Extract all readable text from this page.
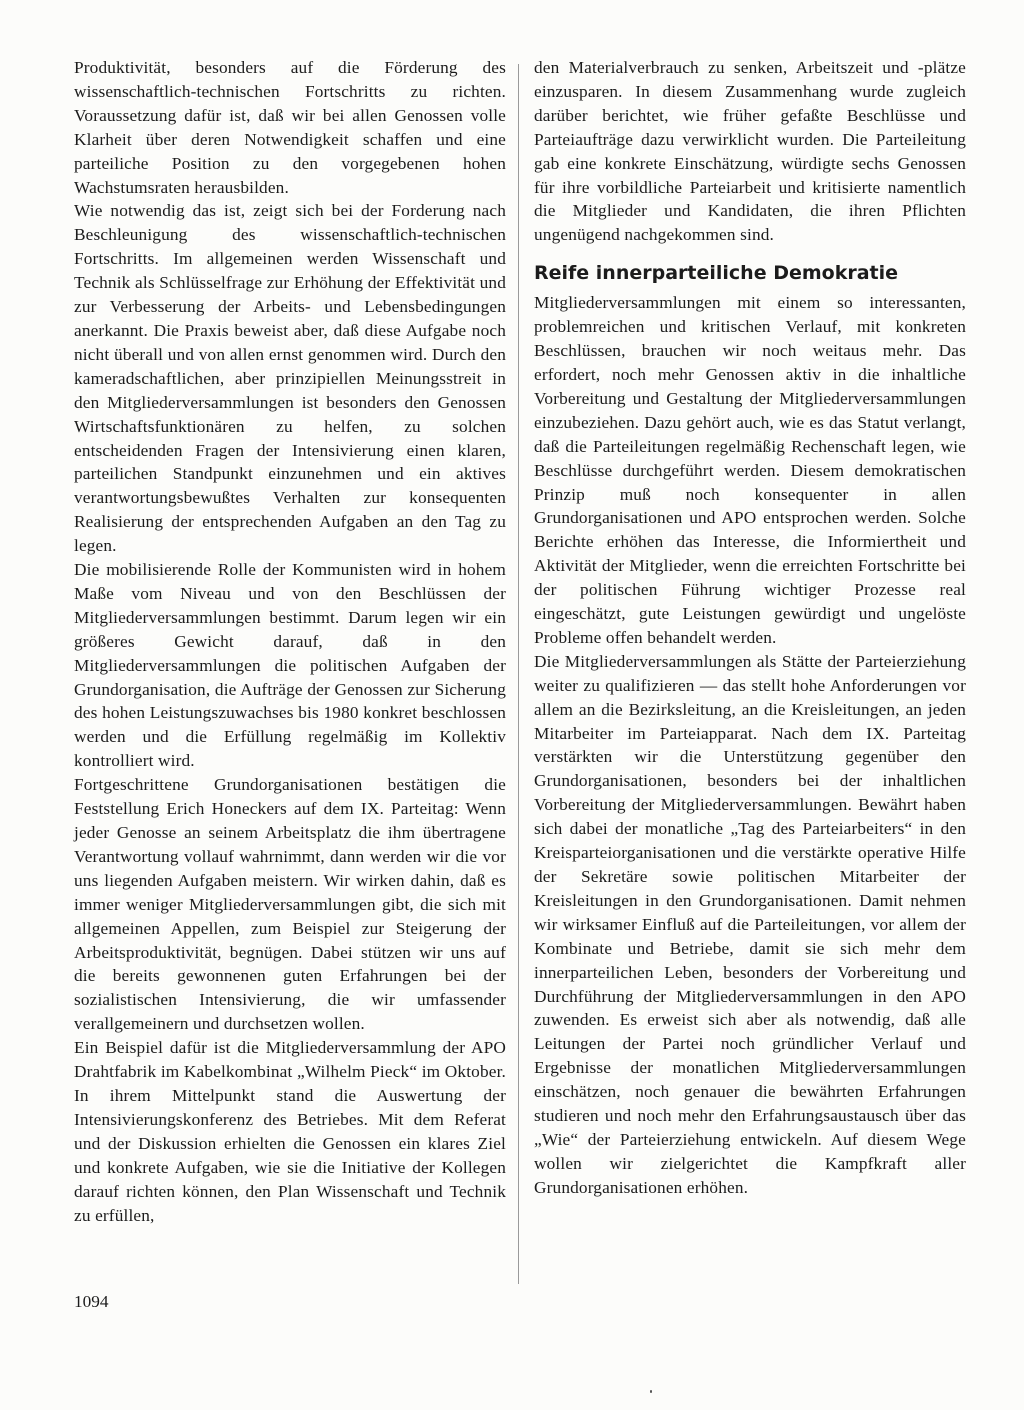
Produktivität, besonders auf die Förderung des wissenschaftlich-technischen Fortschritts zu richten. Voraussetzung dafür ist, daß wir bei allen Genossen volle Klarheit über deren Notwendigkeit schaffen und eine parteiliche Position zu den vorgegebenen hohen Wachstumsraten herausbilden.

Wie notwendig das ist, zeigt sich bei der Forderung nach Beschleunigung des wissenschaftlich-technischen Fortschritts. Im allgemeinen werden Wissenschaft und Technik als Schlüsselfrage zur Erhöhung der Effektivität und zur Verbesserung der Arbeits- und Lebensbedingungen anerkannt. Die Praxis beweist aber, daß diese Aufgabe noch nicht überall und von allen ernst genommen wird. Durch den kameradschaftlichen, aber prinzipiellen Meinungsstreit in den Mitgliederversammlungen ist besonders den Genossen Wirtschaftsfunktionären zu helfen, zu solchen entscheidenden Fragen der Intensivierung einen klaren, parteilichen Standpunkt einzunehmen und ein aktives verantwortungsbewußtes Verhalten zur konsequenten Realisierung der entsprechenden Aufgaben an den Tag zu legen.

Die mobilisierende Rolle der Kommunisten wird in hohem Maße vom Niveau und von den Beschlüssen der Mitgliederversammlungen bestimmt. Darum legen wir ein größeres Gewicht darauf, daß in den Mitgliederversammlungen die politischen Aufgaben der Grundorganisation, die Aufträge der Genossen zur Sicherung des hohen Leistungszuwachses bis 1980 konkret beschlossen werden und die Erfüllung regelmäßig im Kollektiv kontrolliert wird.

Fortgeschrittene Grundorganisationen bestätigen die Feststellung Erich Honeckers auf dem IX. Parteitag: Wenn jeder Genosse an seinem Arbeitsplatz die ihm übertragene Verantwortung vollauf wahrnimmt, dann werden wir die vor uns liegenden Aufgaben meistern. Wir wirken dahin, daß es immer weniger Mitgliederversammlungen gibt, die sich mit allgemeinen Appellen, zum Beispiel zur Steigerung der Arbeitsproduktivität, begnügen. Dabei stützen wir uns auf die bereits gewonnenen guten Erfahrungen bei der sozialistischen Intensivierung, die wir umfassender verallgemeinern und durchsetzen wollen.

Ein Beispiel dafür ist die Mitgliederversammlung der APO Drahtfabrik im Kabelkombinat „Wilhelm Pieck“ im Oktober. In ihrem Mittelpunkt stand die Auswertung der Intensivierungskonferenz des Betriebes. Mit dem Referat und der Diskussion erhielten die Genossen ein klares Ziel und konkrete Aufgaben, wie sie die Initiative der Kollegen darauf richten können, den Plan Wissenschaft und Technik zu erfüllen,

den Materialverbrauch zu senken, Arbeitszeit und -plätze einzusparen. In diesem Zusammenhang wurde zugleich darüber berichtet, wie früher gefaßte Beschlüsse und Parteiaufträge dazu verwirklicht wurden. Die Parteileitung gab eine konkrete Einschätzung, würdigte sechs Genossen für ihre vorbildliche Parteiarbeit und kritisierte namentlich die Mitglieder und Kandidaten, die ihren Pflichten ungenügend nachgekommen sind.

Reife innerparteiliche Demokratie

Mitgliederversammlungen mit einem so interessanten, problemreichen und kritischen Verlauf, mit konkreten Beschlüssen, brauchen wir noch weitaus mehr. Das erfordert, noch mehr Genossen aktiv in die inhaltliche Vorbereitung und Gestaltung der Mitgliederversammlungen einzubeziehen. Dazu gehört auch, wie es das Statut verlangt, daß die Parteileitungen regelmäßig Rechenschaft legen, wie Beschlüsse durchgeführt werden. Diesem demokratischen Prinzip muß noch konsequenter in allen Grundorganisationen und APO entsprochen werden. Solche Berichte erhöhen das Interesse, die Informiertheit und Aktivität der Mitglieder, wenn die erreichten Fortschritte bei der politischen Führung wichtiger Prozesse real eingeschätzt, gute Leistungen gewürdigt und ungelöste Probleme offen behandelt werden.

Die Mitgliederversammlungen als Stätte der Parteierziehung weiter zu qualifizieren — das stellt hohe Anforderungen vor allem an die Bezirksleitung, an die Kreisleitungen, an jeden Mitarbeiter im Parteiapparat. Nach dem IX. Parteitag verstärkten wir die Unterstützung gegenüber den Grundorganisationen, besonders bei der inhaltlichen Vorbereitung der Mitgliederversammlungen. Bewährt haben sich dabei der monatliche „Tag des Parteiarbeiters“ in den Kreisparteiorganisationen und die verstärkte operative Hilfe der Sekretäre sowie politischen Mitarbeiter der Kreisleitungen in den Grundorganisationen. Damit nehmen wir wirksamer Einfluß auf die Parteileitungen, vor allem der Kombinate und Betriebe, damit sie sich mehr dem innerparteilichen Leben, besonders der Vorbereitung und Durchführung der Mitgliederversammlungen in den APO zuwenden. Es erweist sich aber als notwendig, daß alle Leitungen der Partei noch gründlicher Verlauf und Ergebnisse der monatlichen Mitgliederversammlungen einschätzen, noch genauer die bewährten Erfahrungen studieren und noch mehr den Erfahrungsaustausch über das „Wie“ der Parteierziehung entwickeln. Auf diesem Wege wollen wir zielgerichtet die Kampfkraft aller Grundorganisationen erhöhen.

1094
